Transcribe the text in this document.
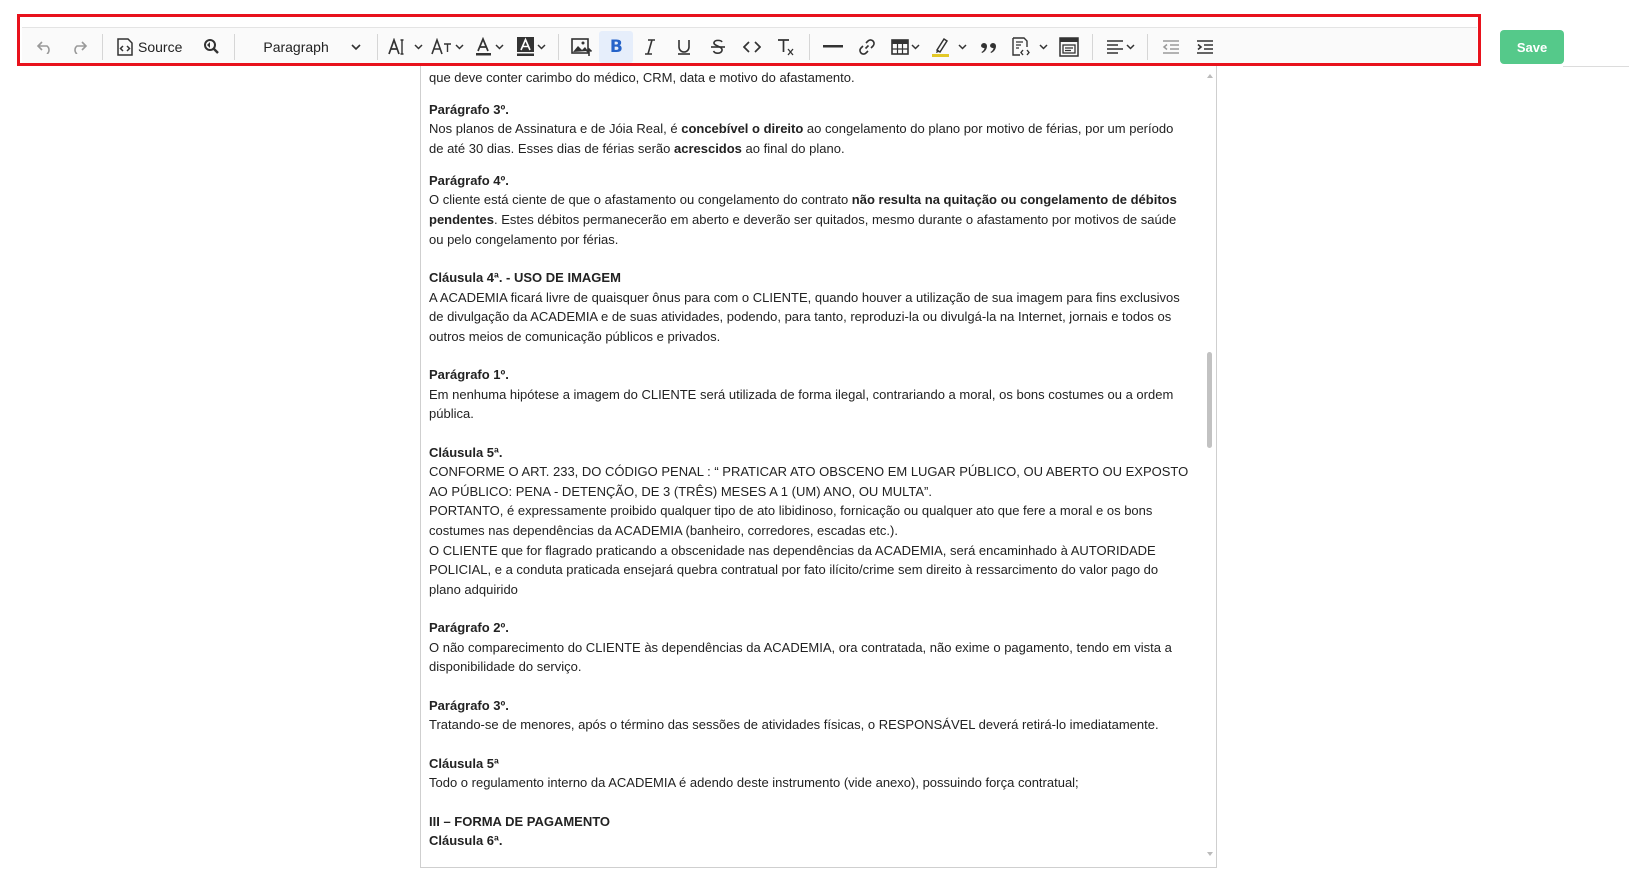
Source	Paragraph	B	Save

que deve conter carimbo do médico, CRM, data e motivo do afastamento.

Parágrafo 3º.
Nos planos de Assinatura e de Jóia Real, é concebível o direito ao congelamento do plano por motivo de férias, por um período de até 30 dias. Esses dias de férias serão acrescidos ao final do plano.

Parágrafo 4º.
O cliente está ciente de que o afastamento ou congelamento do contrato não resulta na quitação ou congelamento de débitos pendentes. Estes débitos permanecerão em aberto e deverão ser quitados, mesmo durante o afastamento por motivos de saúde ou pelo congelamento por férias.

Cláusula 4ª. - USO DE IMAGEM
A ACADEMIA ficará livre de quaisquer ônus para com o CLIENTE, quando houver a utilização de sua imagem para fins exclusivos de divulgação da ACADEMIA e de suas atividades, podendo, para tanto, reproduzi-la ou divulgá-la na Internet, jornais e todos os outros meios de comunicação públicos e privados.

Parágrafo 1º.
Em nenhuma hipótese a imagem do CLIENTE será utilizada de forma ilegal, contrariando a moral, os bons costumes ou a ordem pública.

Cláusula 5ª.
CONFORME O ART. 233, DO CÓDIGO PENAL : “ PRATICAR ATO OBSCENO EM LUGAR PÚBLICO, OU ABERTO OU EXPOSTO AO PÚBLICO: PENA - DETENÇÃO, DE 3 (TRÊS) MESES A 1 (UM) ANO, OU MULTA”.
PORTANTO, é expressamente proibido qualquer tipo de ato libidinoso, fornicação ou qualquer ato que fere a moral e os bons costumes nas dependências da ACADEMIA (banheiro, corredores, escadas etc.).
O CLIENTE que for flagrado praticando a obscenidade nas dependências da ACADEMIA, será encaminhado à AUTORIDADE POLICIAL, e a conduta praticada ensejará quebra contratual por fato ilícito/crime sem direito à ressarcimento do valor pago do plano adquirido

Parágrafo 2º.
O não comparecimento do CLIENTE às dependências da ACADEMIA, ora contratada, não exime o pagamento, tendo em vista a disponibilidade do serviço.

Parágrafo 3º.
Tratando-se de menores, após o término das sessões de atividades físicas, o RESPONSÁVEL deverá retirá-lo imediatamente.

Cláusula 5ª
Todo o regulamento interno da ACADEMIA é adendo deste instrumento (vide anexo), possuindo força contratual;

III – FORMA DE PAGAMENTO
Cláusula 6ª.
